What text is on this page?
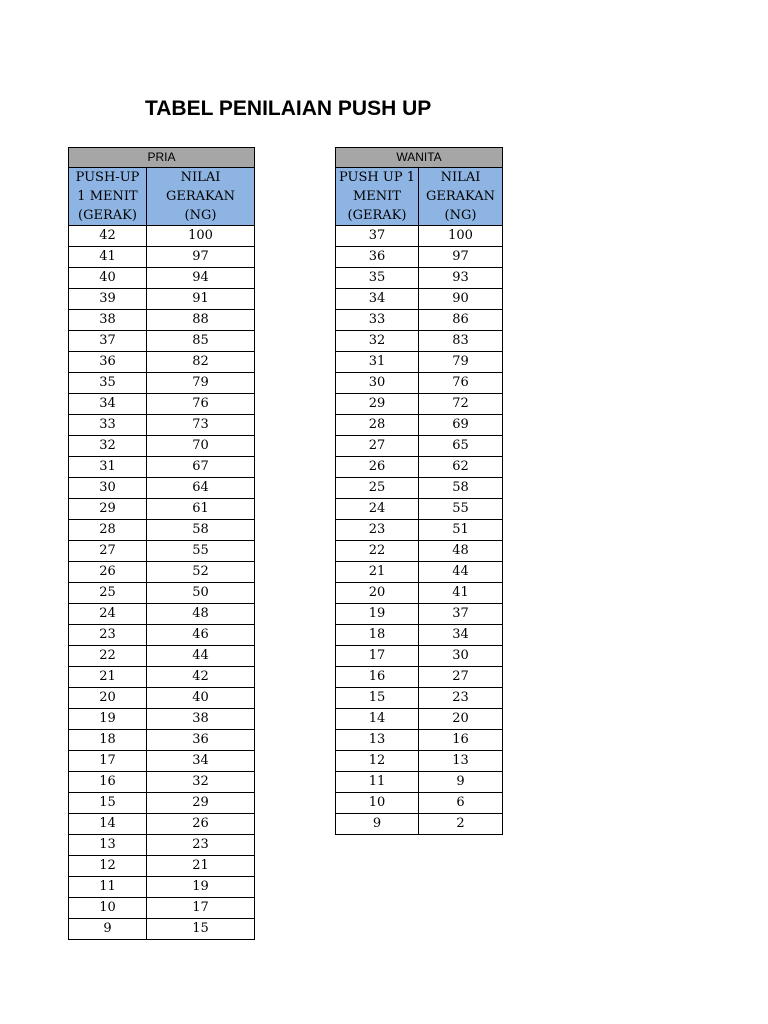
TABEL PENILAIAN PUSH UP
PRIA	
PUSH-UP 1 MENIT (GERAK)	NILAI GERAKAN (NG)
42	100
41	97
40	94
39	91
38	88
37	85
36	82
35	79
34	76
33	73
32	70
31	67
30	64
29	61
28	58
27	55
26	52
25	50
24	48
23	46
22	44
21	42
20	40
19	38
18	36
17	34
16	32
15	29
14	26
13	23
12	21
11	19
10	17
9	15
WANITA	
PUSH UP 1 MENIT (GERAK)	NILAI GERAKAN (NG)
37	100
36	97
35	93
34	90
33	86
32	83
31	79
30	76
29	72
28	69
27	65
26	62
25	58
24	55
23	51
22	48
21	44
20	41
19	37
18	34
17	30
16	27
15	23
14	20
13	16
12	13
11	9
10	6
9	2
